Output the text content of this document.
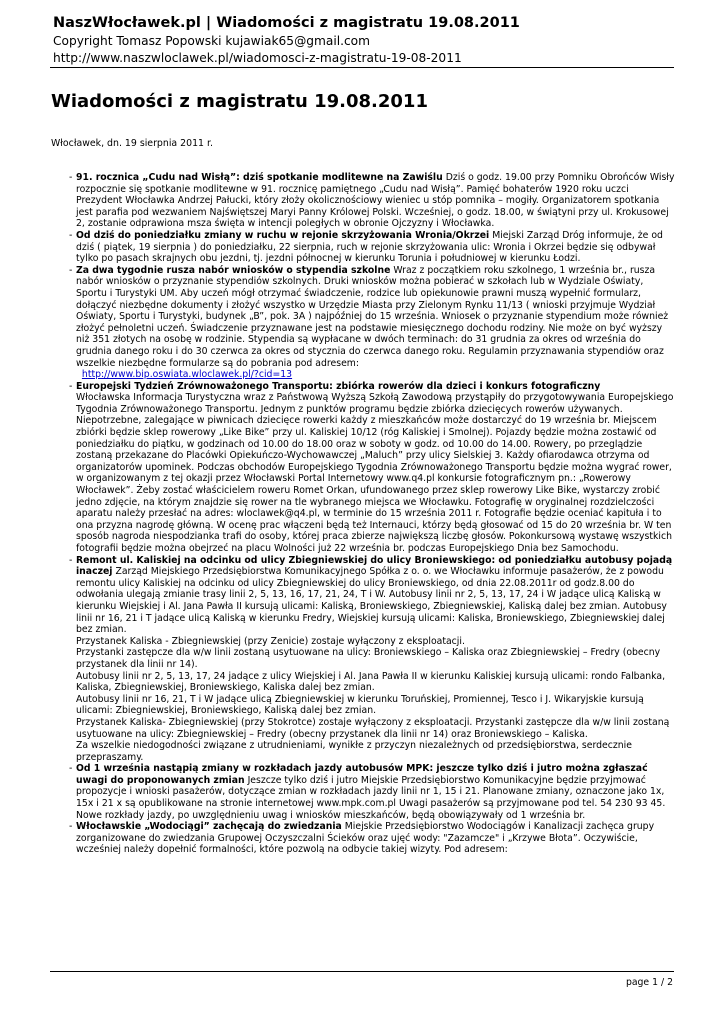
NaszWłocławek.pl | Wiadomości z magistratu 19.08.2011
Copyright Tomasz Popowski kujawiak65@gmail.com
http://www.naszwloclawek.pl/wiadomosci-z-magistratu-19-08-2011
Wiadomości z magistratu 19.08.2011
Włocławek, dn. 19 sierpnia 2011 r.
- 91. rocznica „Cudu nad Wisłą”: dziś spotkanie modlitewne na Zawiślu Dziś o godz. 19.00 przy Pomniku Obrońców Wisły rozpocznie się spotkanie modlitewne w 91. rocznicę pamiętnego „Cudu nad Wisłą”. Pamięć bohaterów 1920 roku uczci Prezydent Włocławka Andrzej Pałucki, który złoży okolicznościowy wieniec u stóp pomnika – mogiły. Organizatorem spotkania jest parafia pod wezwaniem Najświętszej Maryi Panny Królowej Polski. Wcześniej, o godz. 18.00, w świątyni przy ul. Krokusowej 2, zostanie odprawiona msza święta w intencji poległych w obronie Ojczyzny i Włocławka.

- Od dziś do poniedziałku zmiany w ruchu w rejonie skrzyżowania Wronia/Okrzei Miejski Zarząd Dróg informuje, że od dziś ( piątek, 19 sierpnia ) do poniedziałku, 22 sierpnia, ruch w rejonie skrzyżowania ulic: Wronia i Okrzei będzie się odbywał tylko po pasach skrajnych obu jezdni, tj. jezdni północnej w kierunku Torunia i południowej w kierunku Łodzi.

- Za dwa tygodnie rusza nabór wniosków o stypendia szkolne Wraz z początkiem roku szkolnego, 1 września br., rusza nabór wniosków o przyznanie stypendiów szkolnych. Druki wniosków można pobierać w szkołach lub w Wydziale Oświaty, Sportu i Turystyki UM. Aby uczeń mógł otrzymać świadczenie, rodzice lub opiekunowie prawni muszą wypełnić formularz, dołączyć niezbędne dokumenty i złożyć wszystko w Urzędzie Miasta przy Zielonym Rynku 11/13 ( wnioski przyjmuje Wydział Oświaty, Sportu i Turystyki, budynek „B”, pok. 3A ) najpóźniej do 15 września. Wniosek o przyznanie stypendium może również złożyć pełnoletni uczeń. Świadczenie przyznawane jest na podstawie miesięcznego dochodu rodziny. Nie może on być wyższy niż 351 złotych na osobę w rodzinie. Stypendia są wypłacane w dwóch terminach: do 31 grudnia za okres od września do grudnia danego roku i do 30 czerwca za okres od stycznia do czerwca danego roku. Regulamin przyznawania stypendiów oraz wszelkie niezbędne formularze są do pobrania pod adresem:
http://www.bip.oswiata.wloclawek.pl/?cid=13

- Europejski Tydzień Zrównoważonego Transportu: zbiórka rowerów dla dzieci i konkurs fotograficzny
Włocławska Informacja Turystyczna wraz z Państwową Wyższą Szkołą Zawodową przystąpiły do przygotowywania Europejskiego Tygodnia Zrównoważonego Transportu. Jednym z punktów programu będzie zbiórka dziecięcych rowerów używanych. Niepotrzebne, zalegające w piwnicach dziecięce rowerki każdy z mieszkańców może dostarczyć do 19 września br. Miejscem zbiórki będzie sklep rowerowy „Like Bike” przy ul. Kaliskiej 10/12 (róg Kaliskiej i Smolnej). Pojazdy będzie można zostawić od poniedziałku do piątku, w godzinach od 10.00 do 18.00 oraz w soboty w godz. od 10.00 do 14.00. Rowery, po przeglądzie zostaną przekazane do Placówki Opiekuńczo-Wychowawczej „Maluch” przy ulicy Sielskiej 3. Każdy ofiarodawca otrzyma od organizatorów upominek. Podczas obchodów Europejskiego Tygodnia Zrównoważonego Transportu będzie można wygrać rower, w organizowanym z tej okazji przez Włocławski Portal Internetowy www.q4.pl konkursie fotograficznym pn.: „Rowerowy Włocławek”. Żeby zostać właścicielem roweru Romet Orkan, ufundowanego przez sklep rowerowy Like Bike, wystarczy zrobić jedno zdjęcie, na którym znajdzie się rower na tle wybranego miejsca we Włocławku. Fotografię w oryginalnej rozdzielczości aparatu należy przesłać na adres: wloclawek@q4.pl, w terminie do 15 września 2011 r. Fotografie będzie oceniać kapituła i to ona przyzna nagrodę główną. W ocenę prac włączeni będą też Internauci, którzy będą głosować od 15 do 20 września br. W ten sposób nagroda niespodzianka trafi do osoby, której praca zbierze największą liczbę głosów. Pokonkursową wystawę wszystkich fotografii będzie można obejrzeć na placu Wolności już 22 września br. podczas Europejskiego Dnia bez Samochodu.

- Remont ul. Kaliskiej na odcinku od ulicy Zbiegniewskiej do ulicy Broniewskiego: od poniedziałku autobusy pojadą inaczej Zarząd Miejskiego Przedsiębiorstwa Komunikacyjnego Spółka z o. o. we Włocławku informuje pasażerów, że z powodu remontu ulicy Kaliskiej na odcinku od ulicy Zbiegniewskiej do ulicy Broniewskiego, od dnia 22.08.2011r od godz.8.00 do odwołania ulegają zmianie trasy linii 2, 5, 13, 16, 17, 21, 24, T i W. Autobusy linii nr 2, 5, 13, 17, 24 i W jadące ulicą Kaliską w kierunku Wiejskiej i Al. Jana Pawła II kursują ulicami: Kaliską, Broniewskiego, Zbiegniewskiej, Kaliską dalej bez zmian. Autobusy linii nr 16, 21 i T jadące ulicą Kaliską w kierunku Fredry, Wiejskiej kursują ulicami: Kaliska, Broniewskiego, Zbiegniewskiej dalej bez zmian.

Przystanek Kaliska - Zbiegniewskiej (przy Zenicie) zostaje wyłączony z eksploatacji.

Przystanki zastępcze dla w/w linii zostaną usytuowane na ulicy: Broniewskiego – Kaliska oraz Zbiegniewskiej – Fredry (obecny przystanek dla linii nr 14).

Autobusy linii nr 2, 5, 13, 17, 24 jadące z ulicy Wiejskiej i Al. Jana Pawła II w kierunku Kaliskiej kursują ulicami: rondo Falbanka, Kaliska, Zbiegniewskiej, Broniewskiego, Kaliska dalej bez zmian.

Autobusy linii nr 16, 21, T i W jadące ulicą Zbiegniewskiej w kierunku Toruńskiej, Promiennej, Tesco i J. Wikaryjskie kursują ulicami: Zbiegniewskiej, Broniewskiego, Kaliską dalej bez zmian.

Przystanek Kaliska- Zbiegniewskiej (przy Stokrotce) zostaje wyłączony z eksploatacji. Przystanki zastępcze dla w/w linii zostaną usytuowane na ulicy: Zbiegniewskiej – Fredry (obecny przystanek dla linii nr 14) oraz Broniewskiego – Kaliska.

Za wszelkie niedogodności związane z utrudnieniami, wynikłe z przyczyn niezależnych od przedsiębiorstwa, serdecznie przepraszamy.

- Od 1 września nastąpią zmiany w rozkładach jazdy autobusów MPK: jeszcze tylko dziś i jutro można zgłaszać uwagi do proponowanych zmian Jeszcze tylko dziś i jutro Miejskie Przedsiębiorstwo Komunikacyjne będzie przyjmować propozycje i wnioski pasażerów, dotyczące zmian w rozkładach jazdy linii nr 1, 15 i 21. Planowane zmiany, oznaczone jako 1x, 15x i 21 x są opublikowane na stronie internetowej www.mpk.com.pl Uwagi pasażerów są przyjmowane pod tel. 54 230 93 45. Nowe rozkłady jazdy, po uwzględnieniu uwag i wniosków mieszkańców, będą obowiązywały od 1 września br.

- Włocławskie „Wodociągi” zachęcają do zwiedzania Miejskie Przedsiębiorstwo Wodociągów i Kanalizacji zachęca grupy zorganizowane do zwiedzania Grupowej Oczyszczalni Ścieków oraz ujęć wody: "Zazamcze" i „Krzywe Błota”. Oczywiście, wcześniej należy dopełnić formalności, które pozwolą na odbycie takiej wizyty. Pod adresem:

page 1 / 2
